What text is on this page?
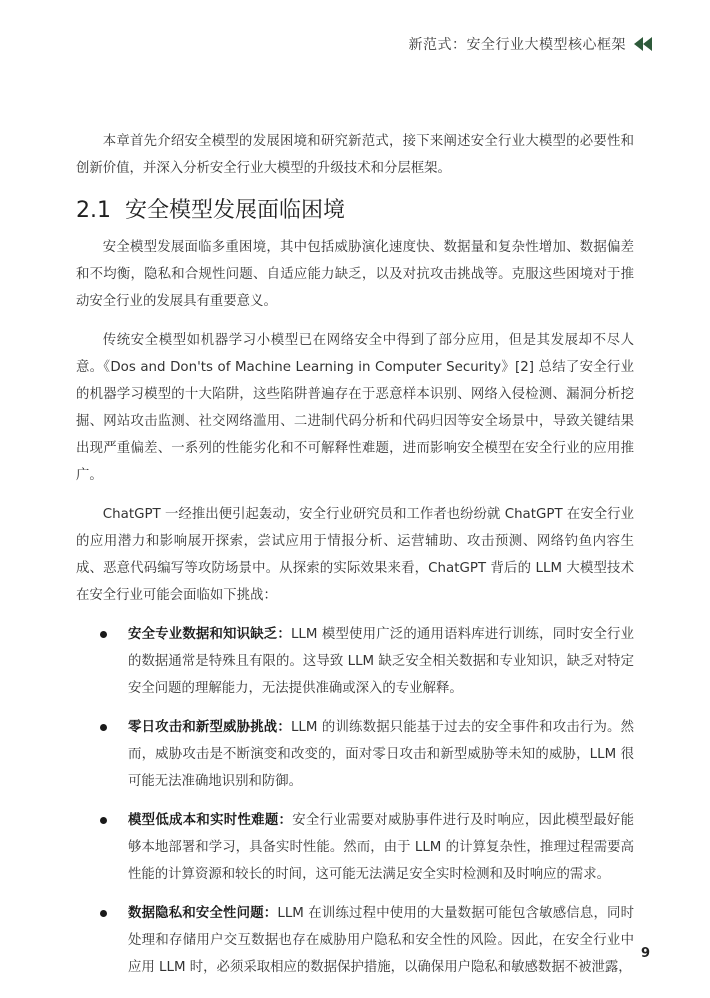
新范式：安全行业大模型核心框架

本章首先介绍安全模型的发展困境和研究新范式，接下来阐述安全行业大模型的必要性和创新价值，并深入分析安全行业大模型的升级技术和分层框架。

2.1 安全模型发展面临困境

安全模型发展面临多重困境，其中包括威胁演化速度快、数据量和复杂性增加、数据偏差和不均衡，隐私和合规性问题、自适应能力缺乏，以及对抗攻击挑战等。克服这些困境对于推动安全行业的发展具有重要意义。

传统安全模型如机器学习小模型已在网络安全中得到了部分应用，但是其发展却不尽人意。《Dos and Don'ts of Machine Learning in Computer Security》[2] 总结了安全行业的机器学习模型的十大陷阱，这些陷阱普遍存在于恶意样本识别、网络入侵检测、漏洞分析挖掘、网站攻击监测、社交网络滥用、二进制代码分析和代码归因等安全场景中，导致关键结果出现严重偏差、一系列的性能劣化和不可解释性难题，进而影响安全模型在安全行业的应用推广。

ChatGPT 一经推出便引起轰动，安全行业研究员和工作者也纷纷就 ChatGPT 在安全行业的应用潜力和影响展开探索，尝试应用于情报分析、运营辅助、攻击预测、网络钓鱼内容生成、恶意代码编写等攻防场景中。从探索的实际效果来看，ChatGPT 背后的 LLM 大模型技术在安全行业可能会面临如下挑战：

安全专业数据和知识缺乏：LLM 模型使用广泛的通用语料库进行训练，同时安全行业的数据通常是特殊且有限的。这导致 LLM 缺乏安全相关数据和专业知识，缺乏对特定安全问题的理解能力，无法提供准确或深入的专业解释。
零日攻击和新型威胁挑战：LLM 的训练数据只能基于过去的安全事件和攻击行为。然而，威胁攻击是不断演变和改变的，面对零日攻击和新型威胁等未知的威胁，LLM 很可能无法准确地识别和防御。
模型低成本和实时性难题：安全行业需要对威胁事件进行及时响应，因此模型最好能够本地部署和学习，具备实时性能。然而，由于 LLM 的计算复杂性，推理过程需要高性能的计算资源和较长的时间，这可能无法满足安全实时检测和及时响应的需求。
数据隐私和安全性问题：LLM 在训练过程中使用的大量数据可能包含敏感信息，同时处理和存储用户交互数据也存在威胁用户隐私和安全性的风险。因此，在安全行业中应用 LLM 时，必须采取相应的数据保护措施，以确保用户隐私和敏感数据不被泄露，
9
